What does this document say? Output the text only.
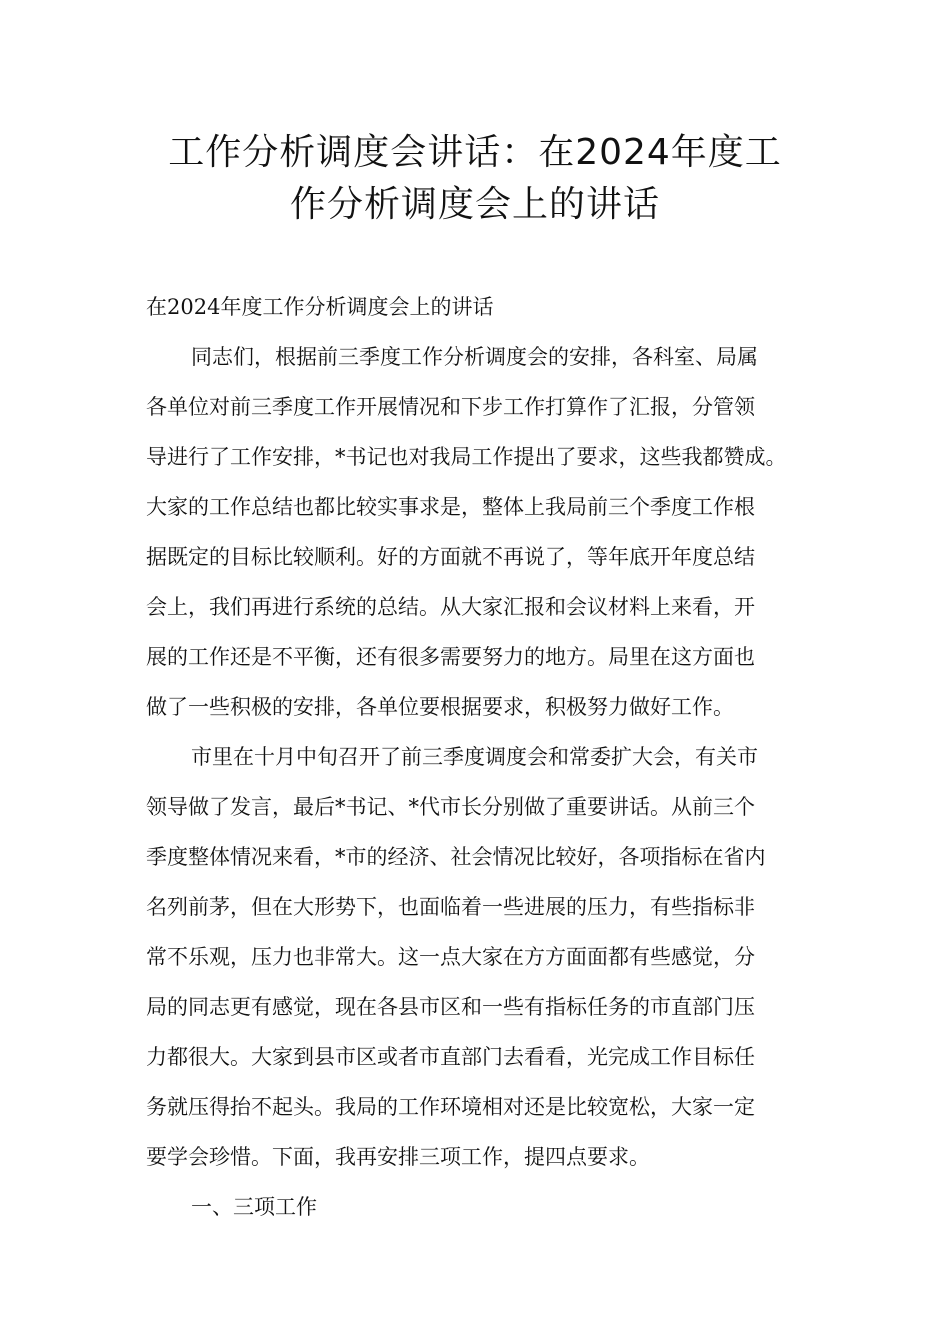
工作分析调度会讲话：在2024年度工
作分析调度会上的讲话

在2024年度工作分析调度会上的讲话

同志们，根据前三季度工作分析调度会的安排，各科室、局属
各单位对前三季度工作开展情况和下步工作打算作了汇报，分管领
导进行了工作安排，*书记也对我局工作提出了要求，这些我都赞成。
大家的工作总结也都比较实事求是，整体上我局前三个季度工作根
据既定的目标比较顺利。好的方面就不再说了，等年底开年度总结
会上，我们再进行系统的总结。从大家汇报和会议材料上来看，开
展的工作还是不平衡，还有很多需要努力的地方。局里在这方面也
做了一些积极的安排，各单位要根据要求，积极努力做好工作。

市里在十月中旬召开了前三季度调度会和常委扩大会，有关市
领导做了发言，最后*书记、*代市长分别做了重要讲话。从前三个
季度整体情况来看，*市的经济、社会情况比较好，各项指标在省内
名列前茅，但在大形势下，也面临着一些进展的压力，有些指标非
常不乐观，压力也非常大。这一点大家在方方面面都有些感觉，分
局的同志更有感觉，现在各县市区和一些有指标任务的市直部门压
力都很大。大家到县市区或者市直部门去看看，光完成工作目标任
务就压得抬不起头。我局的工作环境相对还是比较宽松，大家一定
要学会珍惜。下面，我再安排三项工作，提四点要求。

一、三项工作
